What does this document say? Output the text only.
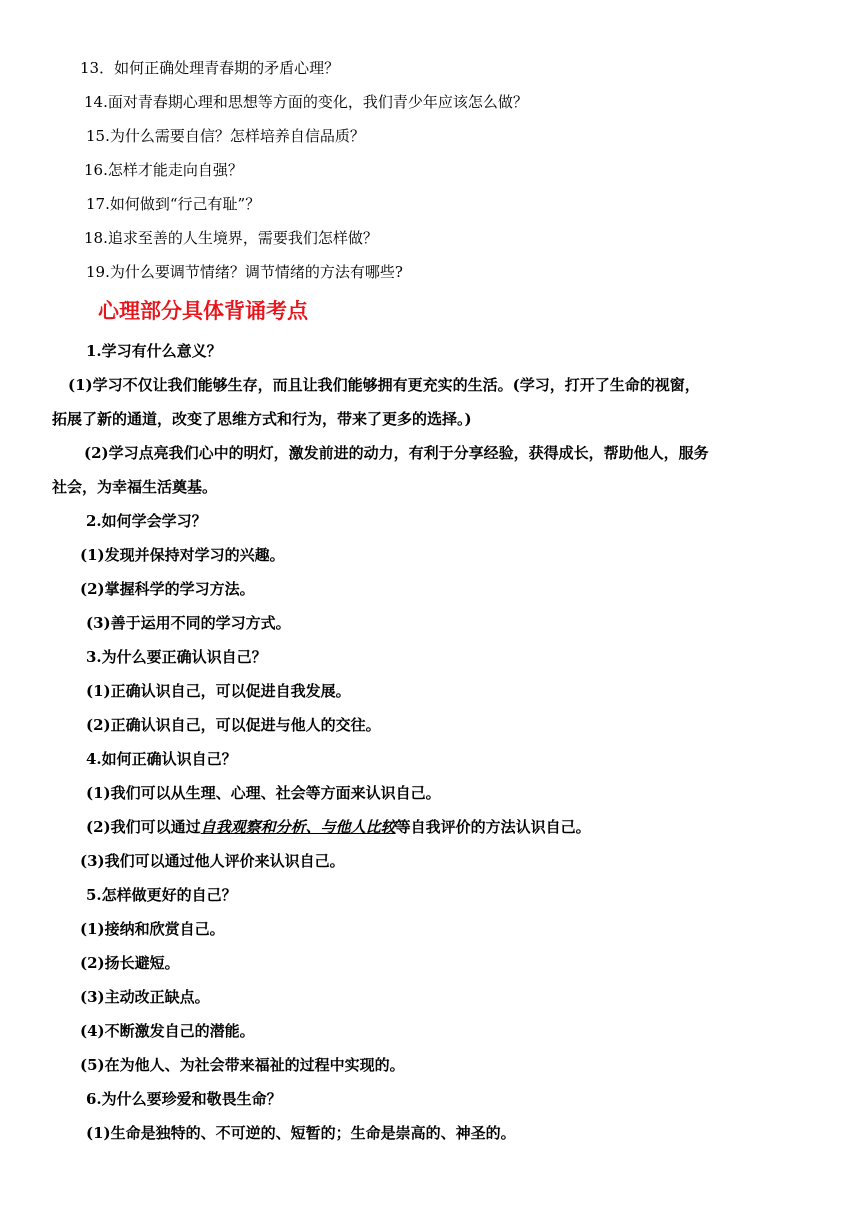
13．如何正确处理青春期的矛盾心理？
14.面对青春期心理和思想等方面的变化，我们青少年应该怎么做？
15.为什么需要自信？怎样培养自信品质？
16.怎样才能走向自强？
17.如何做到“行己有耻”？
18.追求至善的人生境界，需要我们怎样做？
19.为什么要调节情绪？调节情绪的方法有哪些?
心理部分具体背诵考点
1.学习有什么意义？
(1)学习不仅让我们能够生存，而且让我们能够拥有更充实的生活。(学习，打开了生命的视窗，
拓展了新的通道，改变了思维方式和行为，带来了更多的选择。)
(2)学习点亮我们心中的明灯，激发前进的动力，有利于分享经验，获得成长，帮助他人，服务
社会，为幸福生活奠基。
2.如何学会学习？
(1)发现并保持对学习的兴趣。
(2)掌握科学的学习方法。
(3)善于运用不同的学习方式。
3.为什么要正确认识自己？
(1)正确认识自己，可以促进自我发展。
(2)正确认识自己，可以促进与他人的交往。
4.如何正确认识自己？
(1)我们可以从生理、心理、社会等方面来认识自己。
(2)我们可以通过自我观察和分析、与他人比较等自我评价的方法认识自己。
(3)我们可以通过他人评价来认识自己。
5.怎样做更好的自己？
(1)接纳和欣赏自己。
(2)扬长避短。
(3)主动改正缺点。
(4)不断激发自己的潜能。
(5)在为他人、为社会带来福祉的过程中实现的。
6.为什么要珍爱和敬畏生命？
(1)生命是独特的、不可逆的、短暂的；生命是崇高的、神圣的。
